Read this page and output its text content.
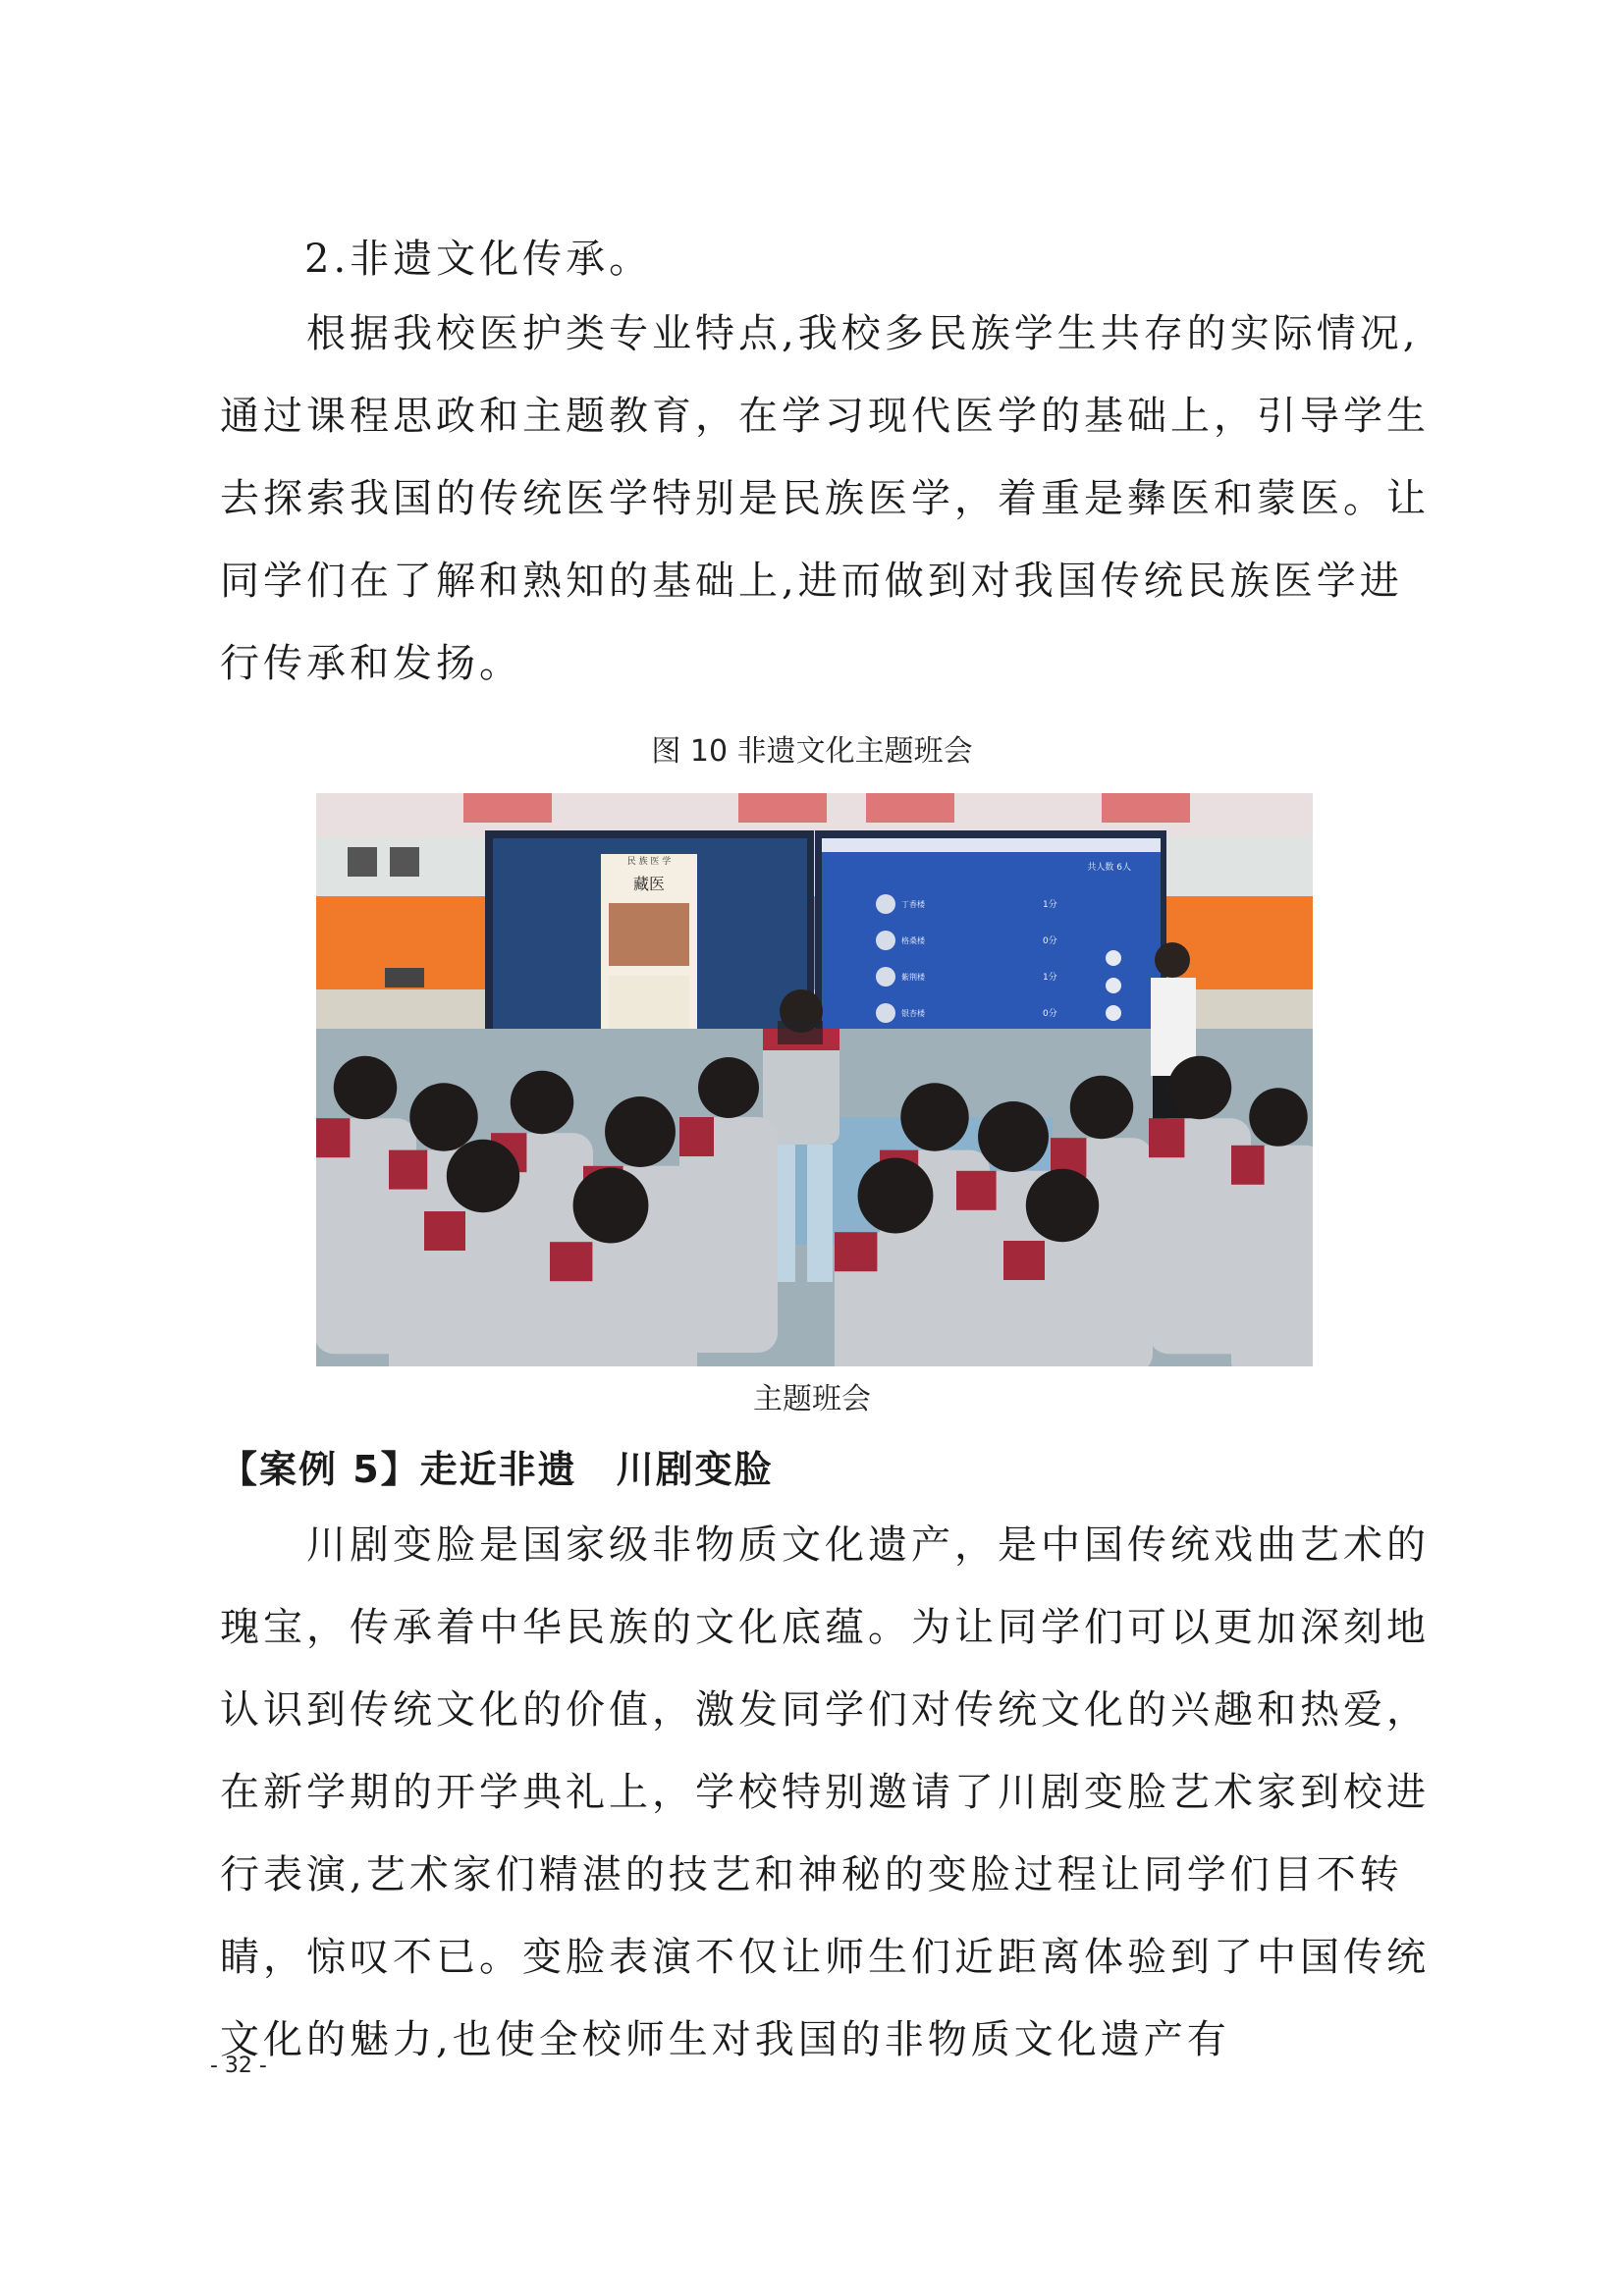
2.非遗文化传承。

根据我校医护类专业特点,我校多民族学生共存的实际情况,通过课程思政和主题教育，在学习现代医学的基础上，引导学生去探索我国的传统医学特别是民族医学，着重是彝医和蒙医。让同学们在了解和熟知的基础上,进而做到对我国传统民族医学进行传承和发扬。

图 10 非遗文化主题班会
民 族 医 学
藏医
共人数 6人
丁香楼	1分
格桑楼	0分
紫荆楼	1分
银杏楼	0分
主题班会
【案例 5】走近非遗 川剧变脸

川剧变脸是国家级非物质文化遗产，是中国传统戏曲艺术的瑰宝，传承着中华民族的文化底蕴。为让同学们可以更加深刻地认识到传统文化的价值，激发同学们对传统文化的兴趣和热爱，在新学期的开学典礼上，学校特别邀请了川剧变脸艺术家到校进行表演,艺术家们精湛的技艺和神秘的变脸过程让同学们目不转睛，惊叹不已。变脸表演不仅让师生们近距离体验到了中国传统文化的魅力,也使全校师生对我国的非物质文化遗产有

- 32 -
